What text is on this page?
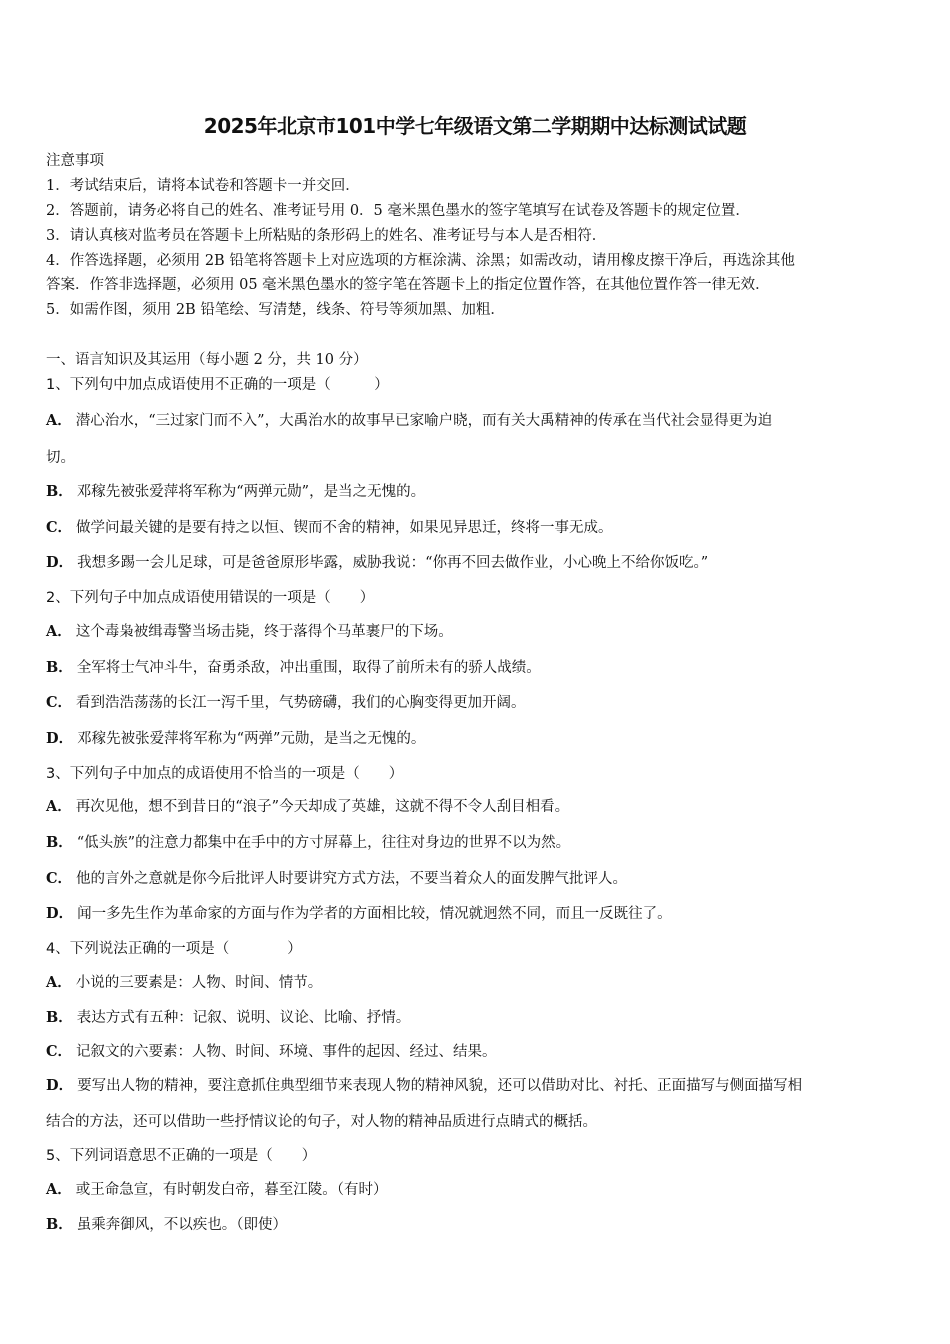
2025年北京市101中学七年级语文第二学期期中达标测试试题
注意事项
1．考试结束后，请将本试卷和答题卡一并交回．
2．答题前，请务必将自己的姓名、准考证号用 0．5 毫米黑色墨水的签字笔填写在试卷及答题卡的规定位置．
3．请认真核对监考员在答题卡上所粘贴的条形码上的姓名、准考证号与本人是否相符．
4．作答选择题，必须用 2B 铅笔将答题卡上对应选项的方框涂满、涂黑；如需改动，请用橡皮擦干净后，再选涂其他
答案．作答非选择题，必须用 05 毫米黑色墨水的签字笔在答题卡上的指定位置作答，在其他位置作答一律无效．
5．如需作图，须用 2B 铅笔绘、写清楚，线条、符号等须加黑、加粗．
一、语言知识及其运用（每小题 2 分，共 10 分）
1、下列句中加点成语使用不正确的一项是（　　　）
A． 潜心治水，“三过家门而不入”，大禹治水的故事早已家喻户晓，而有关大禹精神的传承在当代社会显得更为迫
切。
B． 邓稼先被张爱萍将军称为“两弹元勋”，是当之无愧的。
C． 做学问最关键的是要有持之以恒、锲而不舍的精神，如果见异思迁，终将一事无成。
D． 我想多踢一会儿足球，可是爸爸原形毕露，威胁我说：“你再不回去做作业，小心晚上不给你饭吃。”
2、下列句子中加点成语使用错误的一项是（　　）
A． 这个毒枭被缉毒警当场击毙，终于落得个马革裹尸的下场。
B． 全军将士气冲斗牛，奋勇杀敌，冲出重围，取得了前所未有的骄人战绩。
C． 看到浩浩荡荡的长江一泻千里，气势磅礴，我们的心胸变得更加开阔。
D． 邓稼先被张爱萍将军称为“两弹”元勋，是当之无愧的。
3、下列句子中加点的成语使用不恰当的一项是（　　）
A． 再次见他，想不到昔日的“浪子”今天却成了英雄，这就不得不令人刮目相看。
B． “低头族”的注意力都集中在手中的方寸屏幕上，往往对身边的世界不以为然。
C． 他的言外之意就是你今后批评人时要讲究方式方法，不要当着众人的面发脾气批评人。
D． 闻一多先生作为革命家的方面与作为学者的方面相比较，情况就迥然不同，而且一反既往了。
4、下列说法正确的一项是（　　　　）
A． 小说的三要素是：人物、时间、情节。
B． 表达方式有五种：记叙、说明、议论、比喻、抒情。
C． 记叙文的六要素：人物、时间、环境、事件的起因、经过、结果。
D． 要写出人物的精神，要注意抓住典型细节来表现人物的精神风貌，还可以借助对比、衬托、正面描写与侧面描写相
结合的方法，还可以借助一些抒情议论的句子，对人物的精神品质进行点睛式的概括。
5、下列词语意思不正确的一项是（　　）
A． 或王命急宣，有时朝发白帝，暮至江陵。（有时）
B． 虽乘奔御风，不以疾也。（即使）
